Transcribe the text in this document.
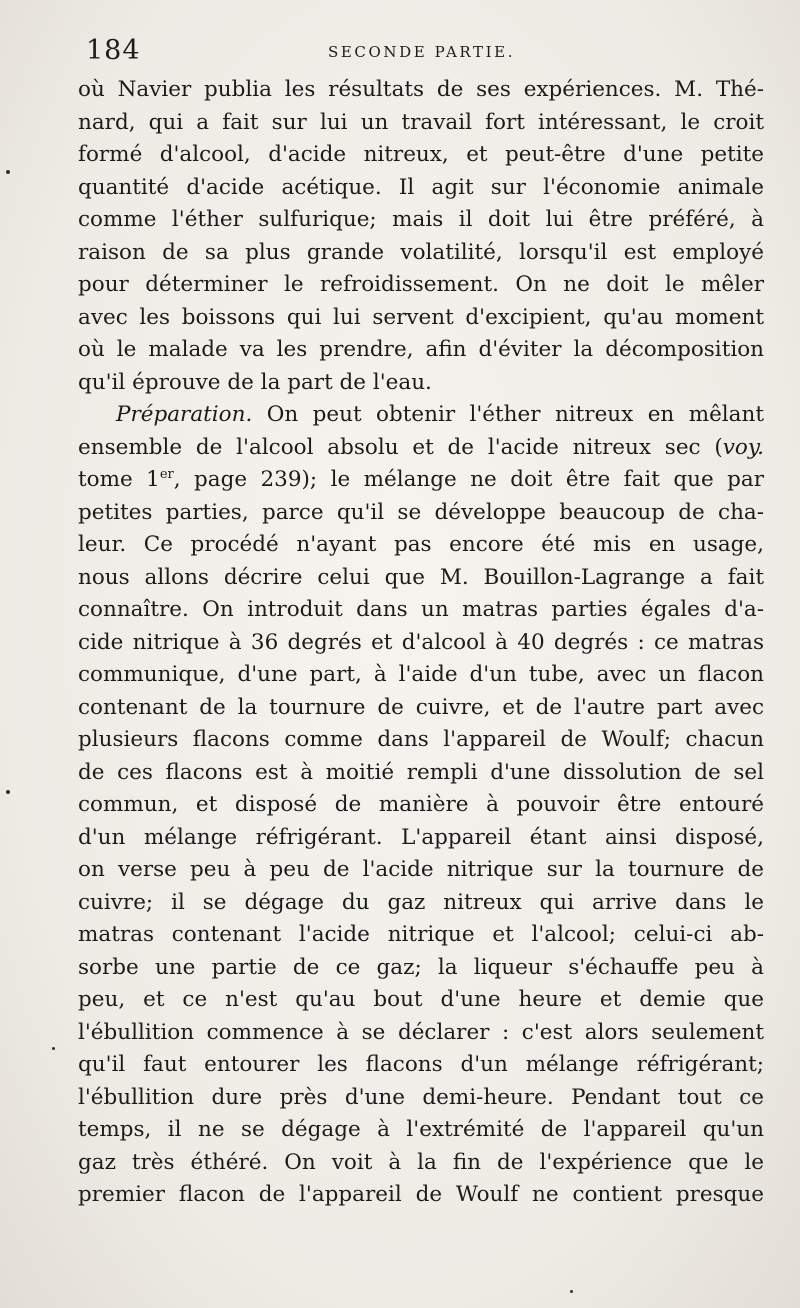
184	SECONDE PARTIE.
où Navier publia les résultats de ses expériences. M. Thé-
nard, qui a fait sur lui un travail fort intéressant, le croit
formé d'alcool, d'acide nitreux, et peut-être d'une petite
quantité d'acide acétique. Il agit sur l'économie animale
comme l'éther sulfurique; mais il doit lui être préféré, à
raison de sa plus grande volatilité, lorsqu'il est employé
pour déterminer le refroidissement. On ne doit le mêler
avec les boissons qui lui servent d'excipient, qu'au moment
où le malade va les prendre, afin d'éviter la décomposition
qu'il éprouve de la part de l'eau.
Préparation. On peut obtenir l'éther nitreux en mêlant
ensemble de l'alcool absolu et de l'acide nitreux sec (voy.
tome 1er, page 239); le mélange ne doit être fait que par
petites parties, parce qu'il se développe beaucoup de cha-
leur. Ce procédé n'ayant pas encore été mis en usage,
nous allons décrire celui que M. Bouillon-Lagrange a fait
connaître. On introduit dans un matras parties égales d'a-
cide nitrique à 36 degrés et d'alcool à 40 degrés : ce matras
communique, d'une part, à l'aide d'un tube, avec un flacon
contenant de la tournure de cuivre, et de l'autre part avec
plusieurs flacons comme dans l'appareil de Woulf; chacun
de ces flacons est à moitié rempli d'une dissolution de sel
commun, et disposé de manière à pouvoir être entouré
d'un mélange réfrigérant. L'appareil étant ainsi disposé,
on verse peu à peu de l'acide nitrique sur la tournure de
cuivre; il se dégage du gaz nitreux qui arrive dans le
matras contenant l'acide nitrique et l'alcool; celui-ci ab-
sorbe une partie de ce gaz; la liqueur s'échauffe peu à
peu, et ce n'est qu'au bout d'une heure et demie que
l'ébullition commence à se déclarer : c'est alors seulement
qu'il faut entourer les flacons d'un mélange réfrigérant;
l'ébullition dure près d'une demi-heure. Pendant tout ce
temps, il ne se dégage à l'extrémité de l'appareil qu'un
gaz très éthéré. On voit à la fin de l'expérience que le
premier flacon de l'appareil de Woulf ne contient presque
